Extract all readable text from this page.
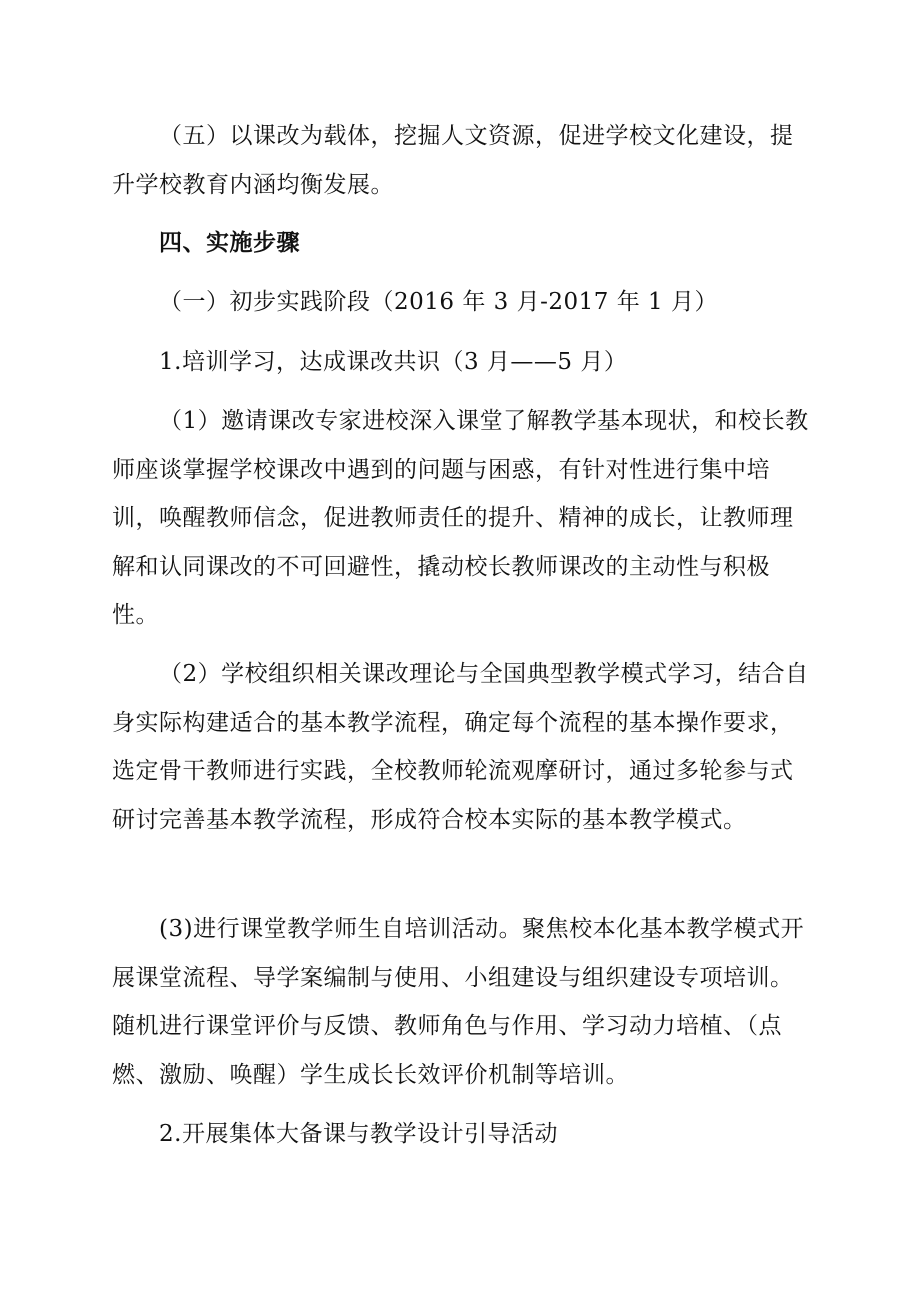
（五）以课改为载体，挖掘人文资源，促进学校文化建设，提升学校教育内涵均衡发展。

四、实施步骤

（一）初步实践阶段（2016 年 3 月-2017 年 1 月）

1.培训学习，达成课改共识（3 月——5 月）

（1）邀请课改专家进校深入课堂了解教学基本现状，和校长教师座谈掌握学校课改中遇到的问题与困惑，有针对性进行集中培训，唤醒教师信念，促进教师责任的提升、精神的成长，让教师理解和认同课改的不可回避性，撬动校长教师课改的主动性与积极性。

（2）学校组织相关课改理论与全国典型教学模式学习，结合自身实际构建适合的基本教学流程，确定每个流程的基本操作要求，选定骨干教师进行实践，全校教师轮流观摩研讨，通过多轮参与式研讨完善基本教学流程，形成符合校本实际的基本教学模式。

(3)进行课堂教学师生自培训活动。聚焦校本化基本教学模式开展课堂流程、导学案编制与使用、小组建设与组织建设专项培训。随机进行课堂评价与反馈、教师角色与作用、学习动力培植、（点燃、激励、唤醒）学生成长长效评价机制等培训。

2.开展集体大备课与教学设计引导活动
